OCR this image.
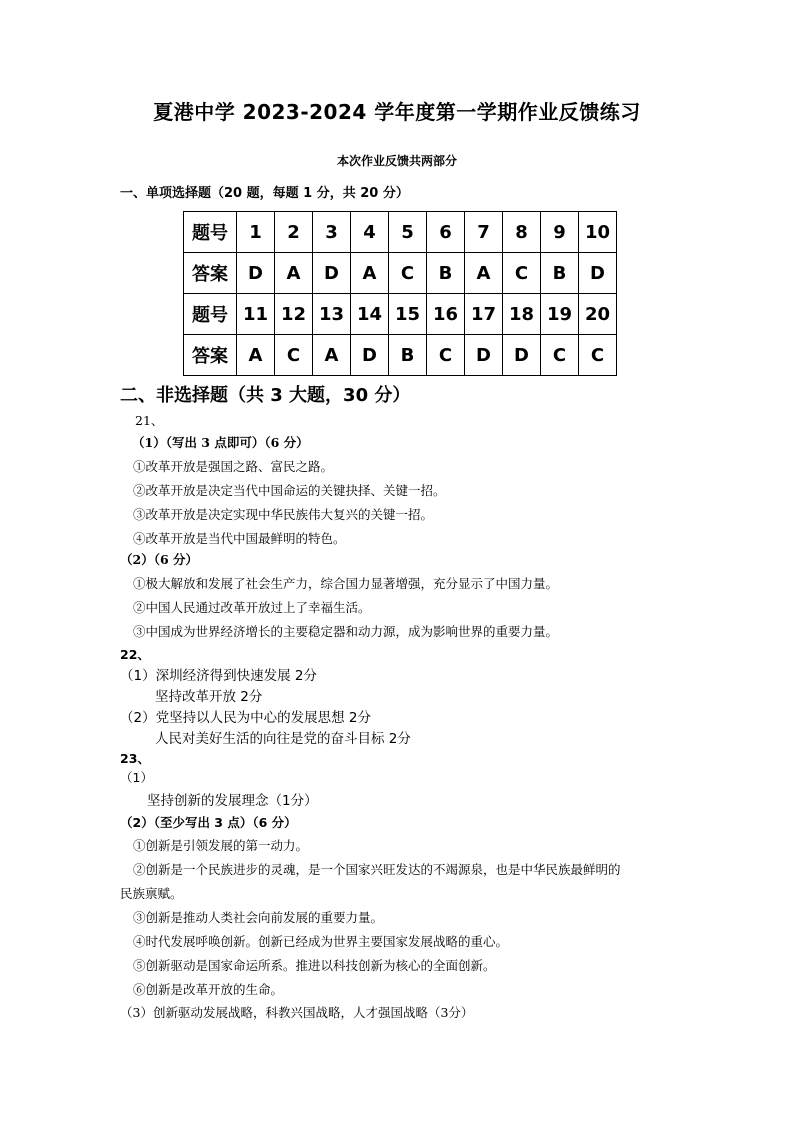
夏港中学 2023-2024 学年度第一学期作业反馈练习
本次作业反馈共两部分
一、单项选择题（20 题，每题 1 分，共 20 分）
题号	1	2	3	4	5	6	7	8	9	10
答案	D	A	D	A	C	B	A	C	B	D
题号	11	12	13	14	15	16	17	18	19	20
答案	A	C	A	D	B	C	D	D	C	C
二、非选择题（共 3 大题，30 分）
21、
（1）（写出 3 点即可）（6 分）
①改革开放是强国之路、富民之路。
②改革开放是决定当代中国命运的关键抉择、关键一招。
③改革开放是决定实现中华民族伟大复兴的关键一招。
④改革开放是当代中国最鲜明的特色。
（2）（6 分）
①极大解放和发展了社会生产力，综合国力显著增强，充分显示了中国力量。
②中国人民通过改革开放过上了幸福生活。
③中国成为世界经济增长的主要稳定器和动力源，成为影响世界的重要力量。
22、
（1）深圳经济得到快速发展 2分
坚持改革开放 2分
（2）党坚持以人民为中心的发展思想 2分
人民对美好生活的向往是党的奋斗目标 2分
23、
（1）
坚持创新的发展理念（1分）
（2）（至少写出 3 点）（6 分）
①创新是引领发展的第一动力。
②创新是一个民族进步的灵魂，是一个国家兴旺发达的不竭源泉，也是中华民族最鲜明的
民族禀赋。
③创新是推动人类社会向前发展的重要力量。
④时代发展呼唤创新。创新已经成为世界主要国家发展战略的重心。
⑤创新驱动是国家命运所系。推进以科技创新为核心的全面创新。
⑥创新是改革开放的生命。
（3）创新驱动发展战略，科教兴国战略，人才强国战略（3分）
